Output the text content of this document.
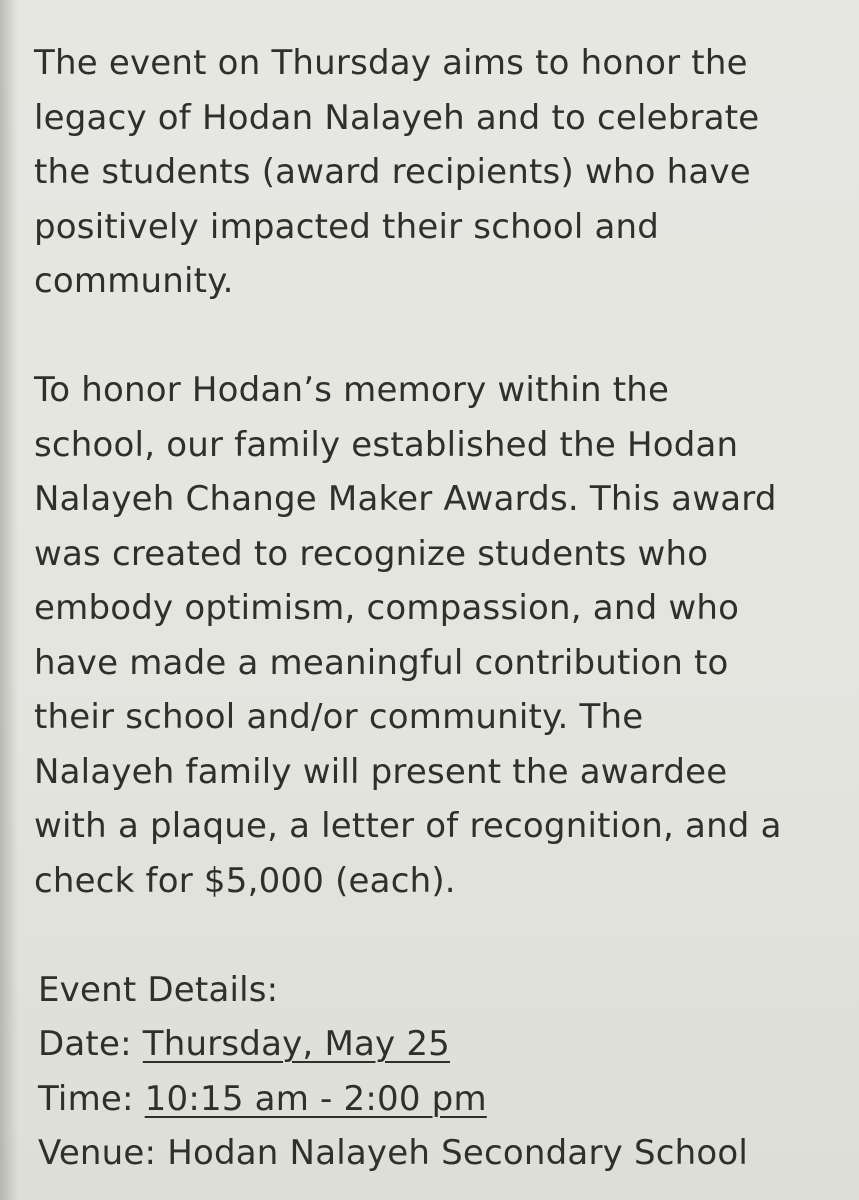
The event on Thursday aims to honor the
legacy of Hodan Nalayeh and to celebrate
the students (award recipients) who have
positively impacted their school and
community.
To honor Hodan’s memory within the
school, our family established the Hodan
Nalayeh Change Maker Awards. This award
was created to recognize students who
embody optimism, compassion, and who
have made a meaningful contribution to
their school and/or community. The
Nalayeh family will present the awardee
with a plaque, a letter of recognition, and a
check for $5,000 (each).
Event Details:
Date: Thursday, May 25
Time: 10:15 am - 2:00 pm
Venue: Hodan Nalayeh Secondary School
